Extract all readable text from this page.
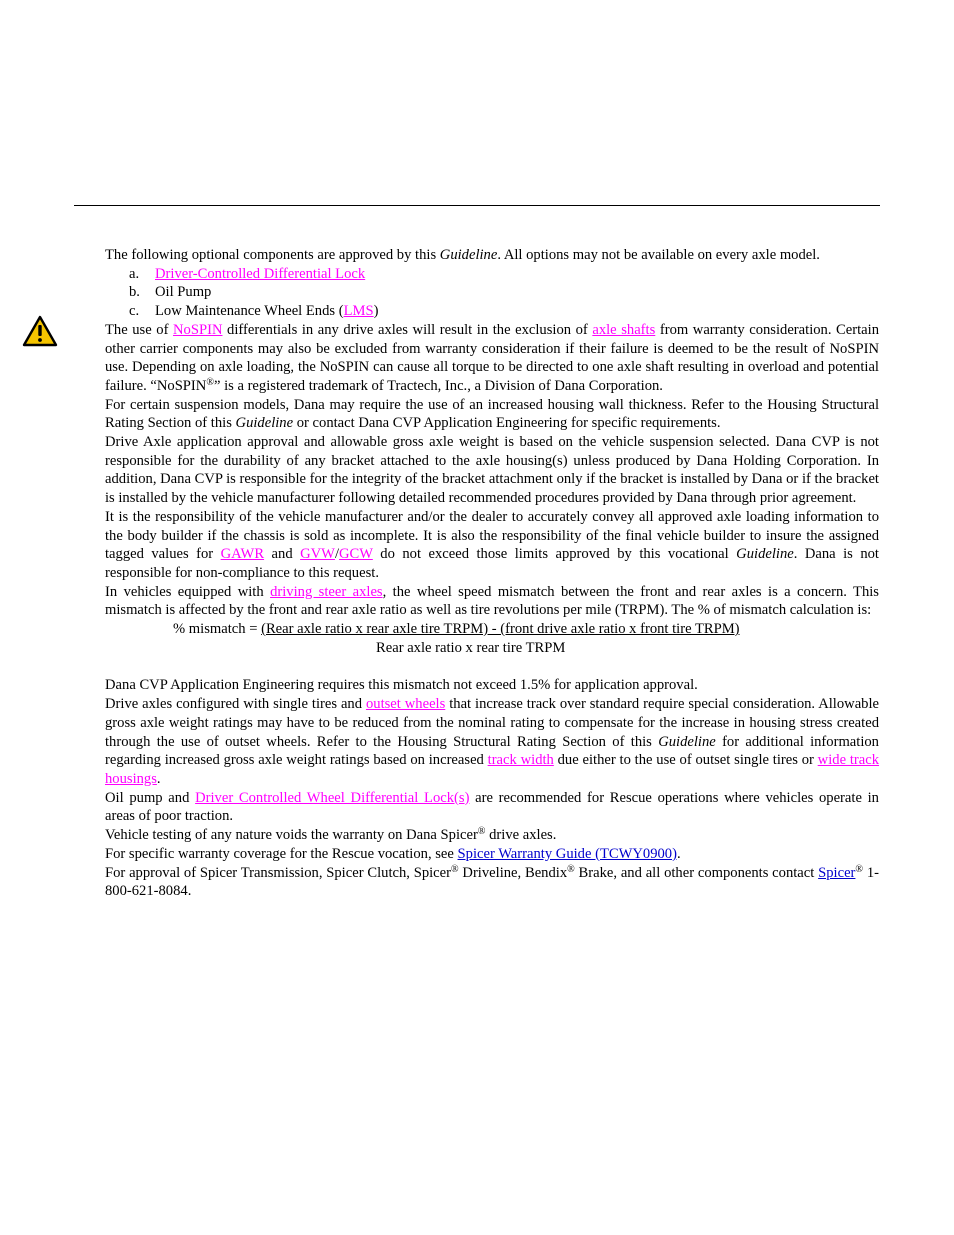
The following optional components are approved by this Guideline. All options may not be available on every axle model.

a.	Driver-Controlled Differential Lock
b.	Oil Pump
c.	Low Maintenance Wheel Ends (LMS)

The use of NoSPIN differentials in any drive axles will result in the exclusion of axle shafts from warranty consideration. Certain other carrier components may also be excluded from warranty consideration if their failure is deemed to be the result of NoSPIN use. Depending on axle loading, the NoSPIN can cause all torque to be directed to one axle shaft resulting in overload and potential failure. “NoSPIN®” is a registered trademark of Tractech, Inc., a Division of Dana Corporation.

For certain suspension models, Dana may require the use of an increased housing wall thickness. Refer to the Housing Structural Rating Section of this Guideline or contact Dana CVP Application Engineering for specific requirements.

Drive Axle application approval and allowable gross axle weight is based on the vehicle suspension selected. Dana CVP is not responsible for the durability of any bracket attached to the axle housing(s) unless produced by Dana Holding Corporation. In addition, Dana CVP is responsible for the integrity of the bracket attachment only if the bracket is installed by Dana or if the bracket is installed by the vehicle manufacturer following detailed recommended procedures provided by Dana through prior agreement.

It is the responsibility of the vehicle manufacturer and/or the dealer to accurately convey all approved axle loading information to the body builder if the chassis is sold as incomplete. It is also the responsibility of the final vehicle builder to insure the assigned tagged values for GAWR and GVW/GCW do not exceed those limits approved by this vocational Guideline. Dana is not responsible for non-compliance to this request.

In vehicles equipped with driving steer axles, the wheel speed mismatch between the front and rear axles is a concern. This mismatch is affected by the front and rear axle ratio as well as tire revolutions per mile (TRPM). The % of mismatch calculation is:

% mismatch = (Rear axle ratio x rear axle tire TRPM) - (front drive axle ratio x front tire TRPM)
Rear axle ratio x rear tire TRPM

Dana CVP Application Engineering requires this mismatch not exceed 1.5% for application approval.

Drive axles configured with single tires and outset wheels that increase track over standard require special consideration. Allowable gross axle weight ratings may have to be reduced from the nominal rating to compensate for the increase in housing stress created through the use of outset wheels. Refer to the Housing Structural Rating Section of this Guideline for additional information regarding increased gross axle weight ratings based on increased track width due either to the use of outset single tires or wide track housings.

Oil pump and Driver Controlled Wheel Differential Lock(s) are recommended for Rescue operations where vehicles operate in areas of poor traction.

Vehicle testing of any nature voids the warranty on Dana Spicer® drive axles.

For specific warranty coverage for the Rescue vocation, see Spicer Warranty Guide (TCWY0900).

For approval of Spicer Transmission, Spicer Clutch, Spicer® Driveline, Bendix® Brake, and all other components contact Spicer® 1-800-621-8084.
